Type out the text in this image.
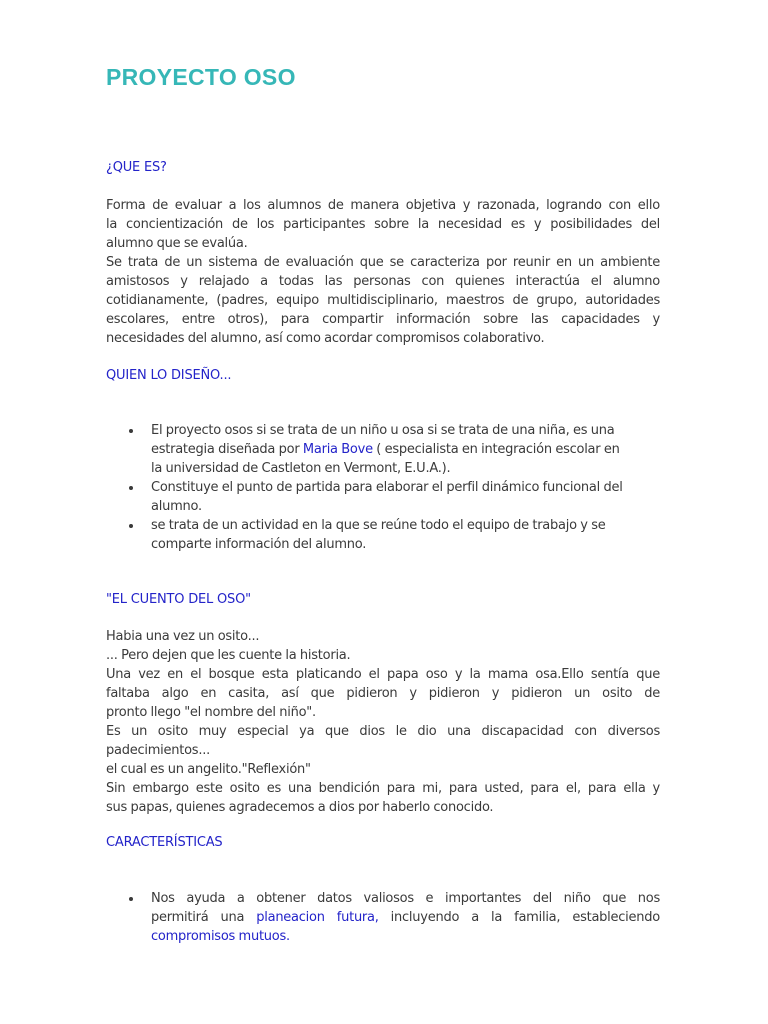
PROYECTO OSO
¿QUE ES?
Forma de evaluar a los alumnos de manera objetiva y razonada, logrando con ello
la concientización de los participantes sobre la necesidad es y posibilidades del
alumno que se evalúa.
Se trata de un sistema de evaluación que se caracteriza por reunir en un ambiente
amistosos y relajado a todas las personas con quienes interactúa el alumno
cotidianamente, (padres, equipo multidisciplinario, maestros de grupo, autoridades
escolares, entre otros), para compartir información sobre las capacidades y
necesidades del alumno, así como acordar compromisos colaborativo.
QUIEN LO DISEÑO...
El proyecto osos si se trata de un niño u osa si se trata de una niña, es una
estrategia diseñada por Maria Bove ( especialista en integración escolar en
la universidad de Castleton en Vermont, E.U.A.).
Constituye el punto de partida para elaborar el perfil dinámico funcional del
alumno.
se trata de un actividad en la que se reúne todo el equipo de trabajo y se
comparte información del alumno.
"EL CUENTO DEL OSO"
Habia una vez un osito...
... Pero dejen que les cuente la historia.
Una vez en el bosque esta platicando el papa oso y la mama osa.Ello sentía que
faltaba algo en casita, así que pidieron y pidieron y pidieron un osito de
pronto llego "el nombre del niño".
Es un osito muy especial ya que dios le dio una discapacidad con diversos
padecimientos...
el cual es un angelito."Reflexión"
Sin embargo este osito es una bendición para mi, para usted, para el, para ella y
sus papas, quienes agradecemos a dios por haberlo conocido.
CARACTERÍSTICAS
Nos ayuda a obtener datos valiosos e importantes del niño que nos
permitirá una planeacion futura, incluyendo a la familia, estableciendo
compromisos mutuos.
